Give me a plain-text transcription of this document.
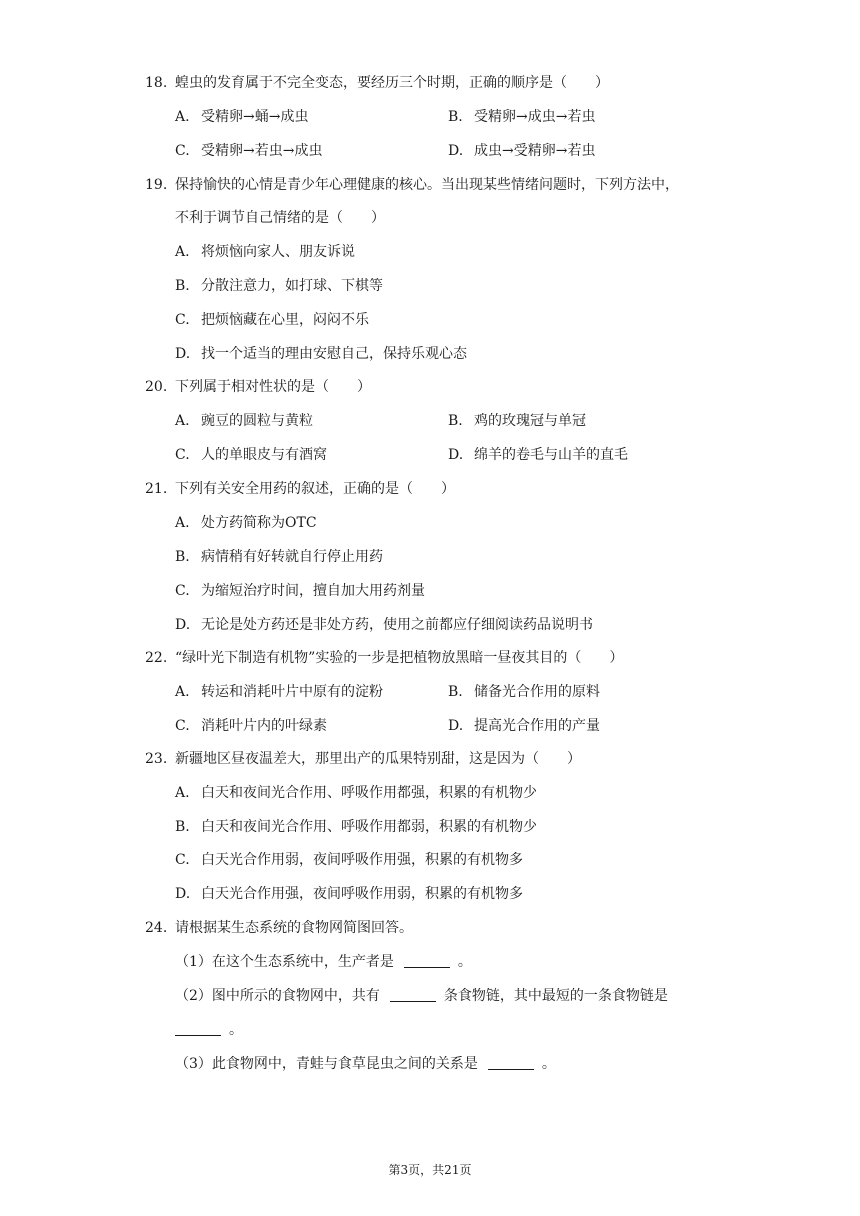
18. 蝗虫的发育属于不完全变态，要经历三个时期，正确的顺序是（　　）
A. 受精卵→蛹→成虫	B. 受精卵→成虫→若虫
C. 受精卵→若虫→成虫	D. 成虫→受精卵→若虫
19. 保持愉快的心情是青少年心理健康的核心。当出现某些情绪问题时，下列方法中，
不利于调节自己情绪的是（　　）
A. 将烦恼向家人、朋友诉说
B. 分散注意力，如打球、下棋等
C. 把烦恼藏在心里，闷闷不乐
D. 找一个适当的理由安慰自己，保持乐观心态
20. 下列属于相对性状的是（　　）
A. 豌豆的圆粒与黄粒	B. 鸡的玫瑰冠与单冠
C. 人的单眼皮与有酒窝	D. 绵羊的卷毛与山羊的直毛
21. 下列有关安全用药的叙述，正确的是（　　）
A. 处方药简称为OTC
B. 病情稍有好转就自行停止用药
C. 为缩短治疗时间，擅自加大用药剂量
D. 无论是处方药还是非处方药，使用之前都应仔细阅读药品说明书
22. “绿叶光下制造有机物”实验的一步是把植物放黑暗一昼夜其目的（　　）
A. 转运和消耗叶片中原有的淀粉	B. 储备光合作用的原料
C. 消耗叶片内的叶绿素	D. 提高光合作用的产量
23. 新疆地区昼夜温差大，那里出产的瓜果特别甜，这是因为（　　）
A. 白天和夜间光合作用、呼吸作用都强，积累的有机物少
B. 白天和夜间光合作用、呼吸作用都弱，积累的有机物少
C. 白天光合作用弱，夜间呼吸作用强，积累的有机物多
D. 白天光合作用强，夜间呼吸作用弱，积累的有机物多
24. 请根据某生态系统的食物网简图回答。
（1）在这个生态系统中，生产者是	。
（2）图中所示的食物网中，共有	条食物链，其中最短的一条食物链是
。
（3）此食物网中，青蛙与食草昆虫之间的关系是	。
第3页，共21页
